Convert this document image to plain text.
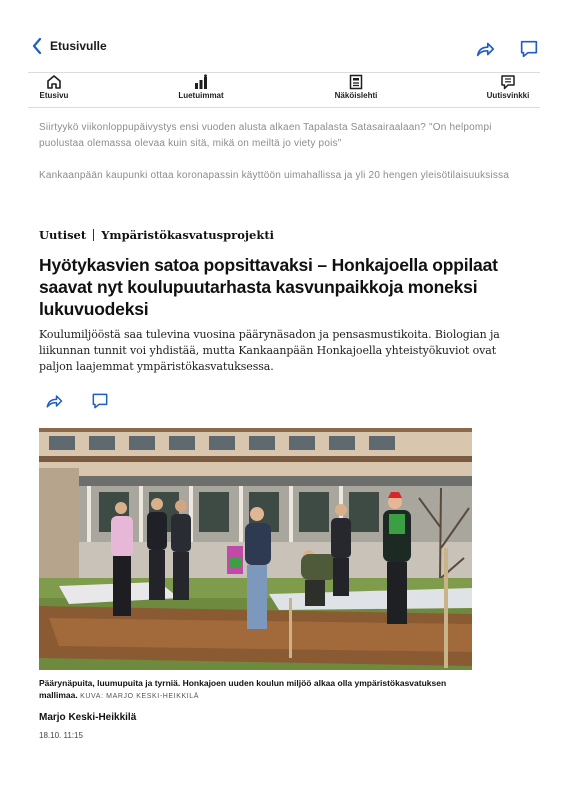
Etusivulle
Etusivu	Luetuimmat	Näköislehti	Uutisvinkki
Siirtyykö viikonloppupäivystys ensi vuoden alusta alkaen Tapalasta Satasairaalaan? "On helpompi puolustaa olemassa olevaa kuin sitä, mikä on meiltä jo viety pois"
Kankaanpään kaupunki ottaa koronapassin käyttöön uimahallissa ja yli 20 hengen yleisötilaisuuksissa
Uutiset Ympäristökasvatusprojekti
Hyötykasvien satoa popsittavaksi – Honkajoella oppilaat saavat nyt koulupuutarhasta kasvunpaikkoja moneksi lukuvuodeksi

Koulumiljööstä saa tulevina vuosina päärynäsadon ja pensasmustikoita. Biologian ja liikunnan tunnit voi yhdistää, mutta Kankaanpään Honkajoella yhteistyökuviot ovat paljon laajemmat ympäristökasvatuksessa.

Päärynäpuita, luumupuita ja tyrniä. Honkajoen uuden koulun miljöö alkaa olla ympäristökasvatuksen mallimaa. KUVA: MARJO KESKI-HEIKKILÄ
Marjo Keski-Heikkilä
18.10. 11:15
